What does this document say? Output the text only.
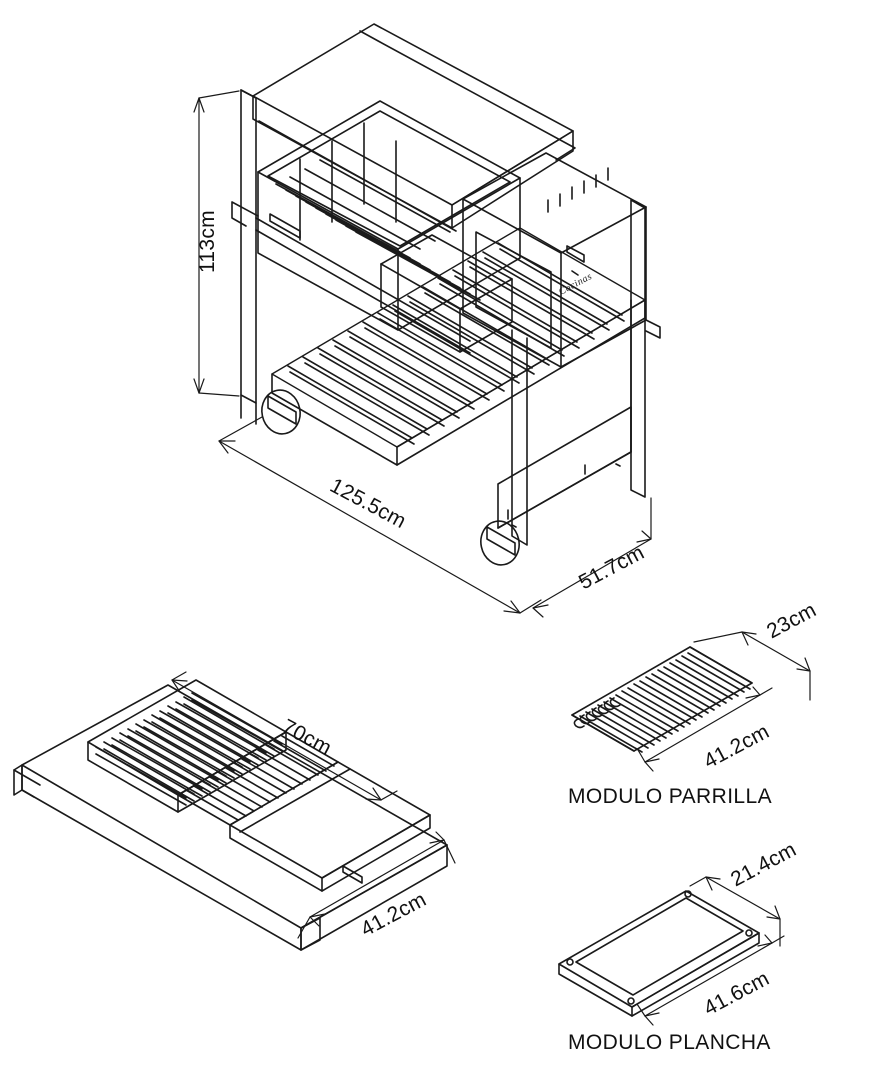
113cm
125.5cm
51.7cm
Cocinas
70cm
41.2cm
23cm
41.2cm
MODULO PARRILLA
21.4cm
41.6cm
MODULO PLANCHA
